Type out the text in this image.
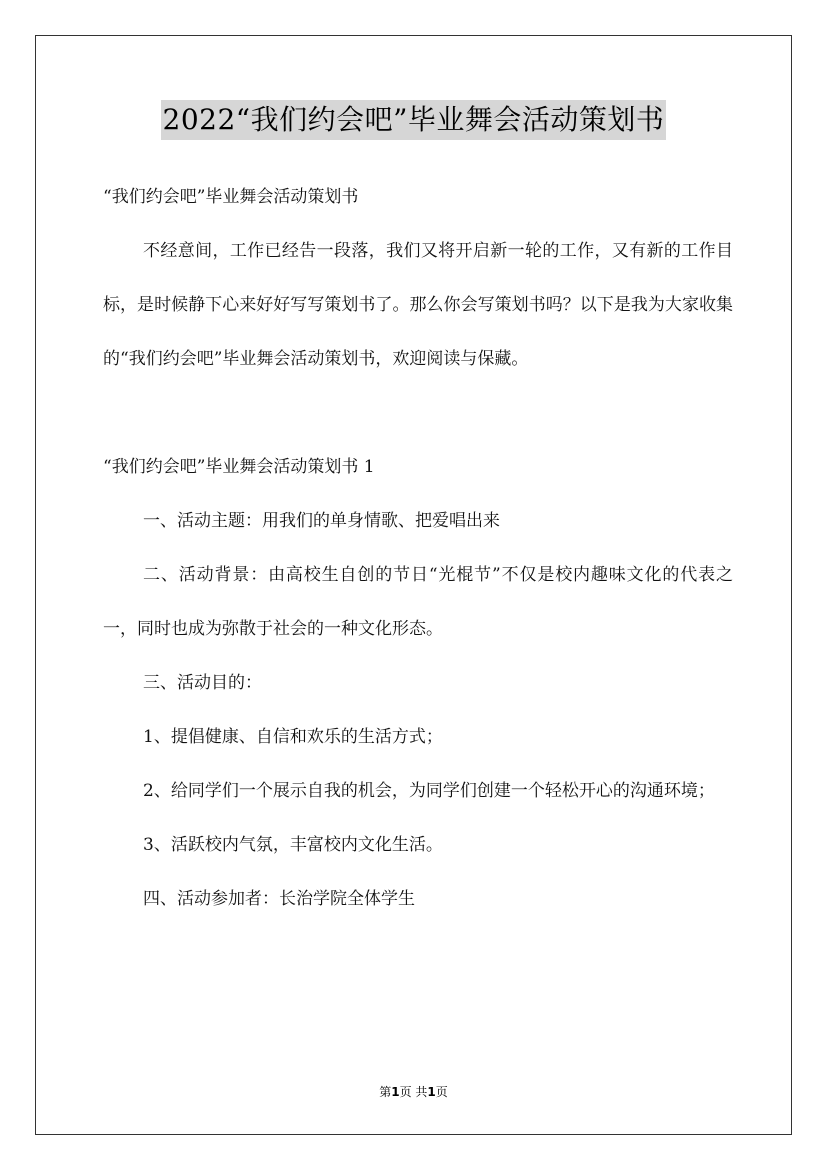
2022“我们约会吧”毕业舞会活动策划书

“我们约会吧”毕业舞会活动策划书

不经意间，工作已经告一段落，我们又将开启新一轮的工作，又有新的工作目标，是时候静下心来好好写写策划书了。那么你会写策划书吗？以下是我为大家收集的“我们约会吧”毕业舞会活动策划书，欢迎阅读与保藏。

“我们约会吧”毕业舞会活动策划书 1

一、活动主题：用我们的单身情歌、把爱唱出来

二、活动背景：由高校生自创的节日“光棍节”不仅是校内趣味文化的代表之一，同时也成为弥散于社会的一种文化形态。

三、活动目的：

1、提倡健康、自信和欢乐的生活方式；

2、给同学们一个展示自我的机会，为同学们创建一个轻松开心的沟通环境；

3、活跃校内气氛，丰富校内文化生活。

四、活动参加者：长治学院全体学生

第1页 共1页
